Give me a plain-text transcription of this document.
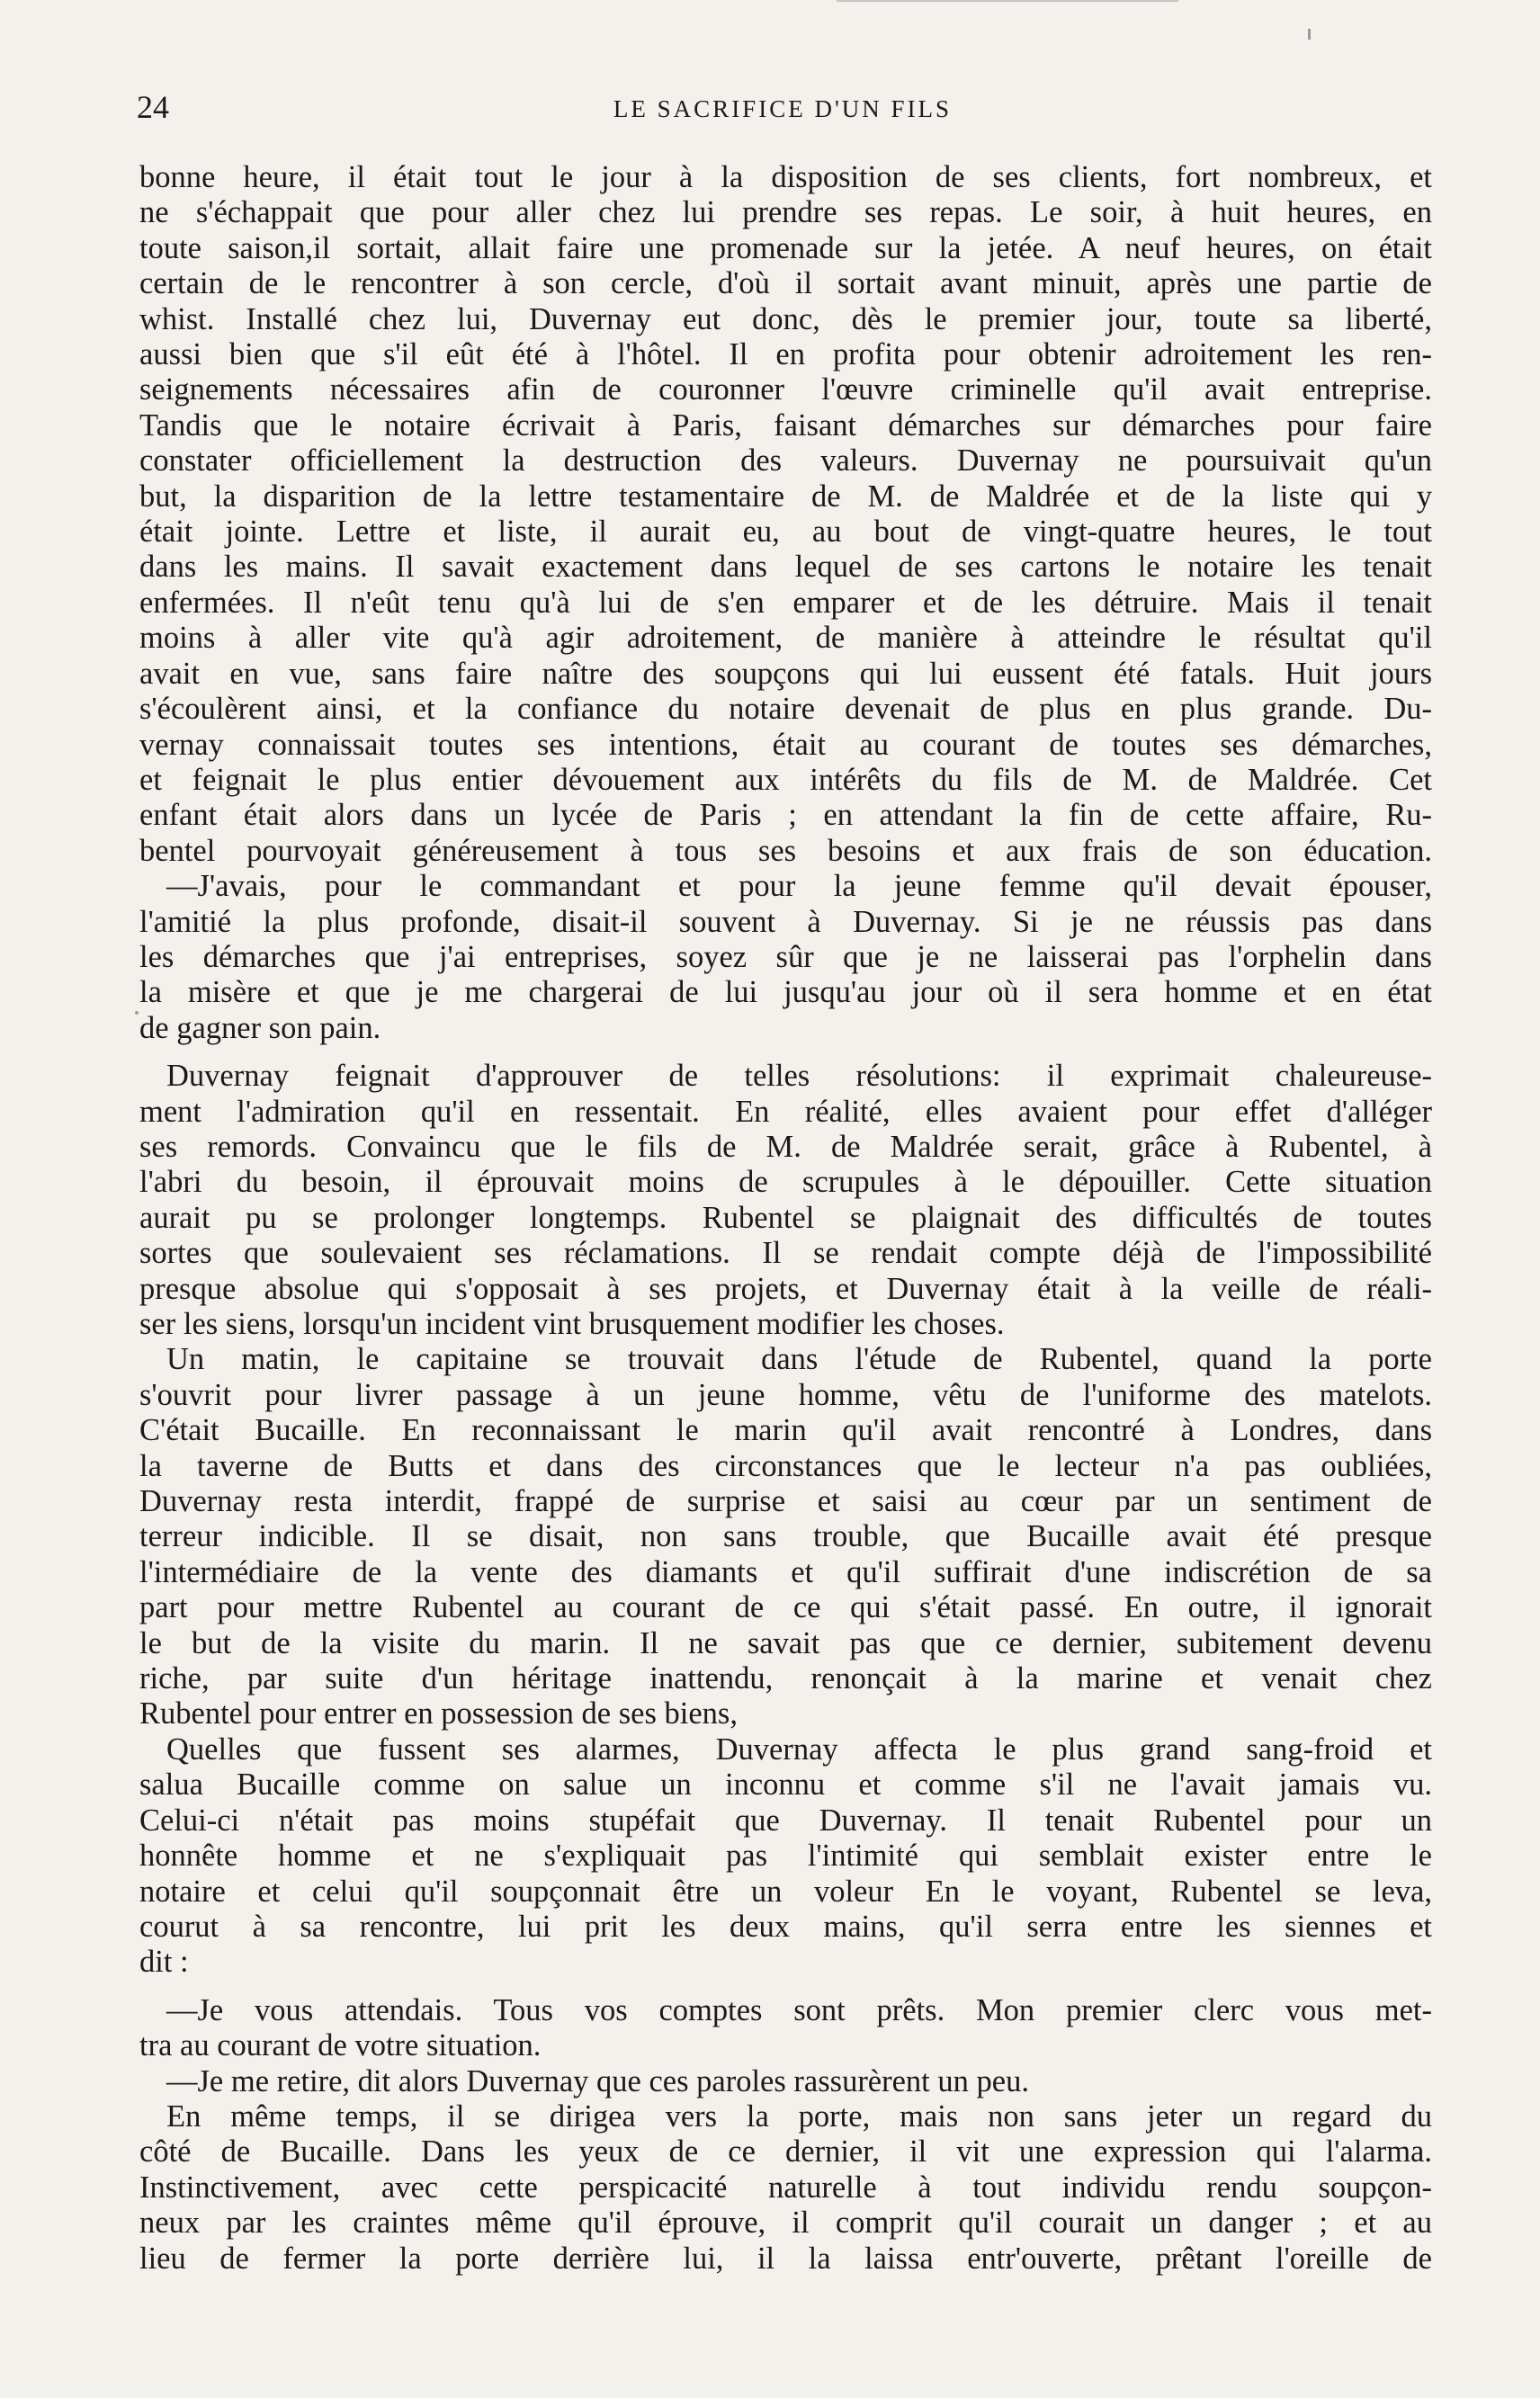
24	LE SACRIFICE D'UN FILS
bonne heure, il était tout le jour à la disposition de ses clients, fort nombreux, et
ne s'échappait que pour aller chez lui prendre ses repas. Le soir, à huit heures, en
toute saison,il sortait, allait faire une promenade sur la jetée. A neuf heures, on était
certain de le rencontrer à son cercle, d'où il sortait avant minuit, après une partie de
whist. Installé chez lui, Duvernay eut donc, dès le premier jour, toute sa liberté,
aussi bien que s'il eût été à l'hôtel. Il en profita pour obtenir adroitement les ren-
seignements nécessaires afin de couronner l'œuvre criminelle qu'il avait entreprise.
Tandis que le notaire écrivait à Paris, faisant démarches sur démarches pour faire
constater officiellement la destruction des valeurs. Duvernay ne poursuivait qu'un
but, la disparition de la lettre testamentaire de M. de Maldrée et de la liste qui y
était jointe. Lettre et liste, il aurait eu, au bout de vingt-quatre heures, le tout
dans les mains. Il savait exactement dans lequel de ses cartons le notaire les tenait
enfermées. Il n'eût tenu qu'à lui de s'en emparer et de les détruire. Mais il tenait
moins à aller vite qu'à agir adroitement, de manière à atteindre le résultat qu'il
avait en vue, sans faire naître des soupçons qui lui eussent été fatals. Huit jours
s'écoulèrent ainsi, et la confiance du notaire devenait de plus en plus grande. Du-
vernay connaissait toutes ses intentions, était au courant de toutes ses démarches,
et feignait le plus entier dévouement aux intérêts du fils de M. de Maldrée. Cet
enfant était alors dans un lycée de Paris ; en attendant la fin de cette affaire, Ru-
bentel pourvoyait généreusement à tous ses besoins et aux frais de son éducation.
—J'avais, pour le commandant et pour la jeune femme qu'il devait épouser,
l'amitié la plus profonde, disait-il souvent à Duvernay. Si je ne réussis pas dans
les démarches que j'ai entreprises, soyez sûr que je ne laisserai pas l'orphelin dans
la misère et que je me chargerai de lui jusqu'au jour où il sera homme et en état
de gagner son pain.
Duvernay feignait d'approuver de telles résolutions: il exprimait chaleureuse-
ment l'admiration qu'il en ressentait. En réalité, elles avaient pour effet d'alléger
ses remords. Convaincu que le fils de M. de Maldrée serait, grâce à Rubentel, à
l'abri du besoin, il éprouvait moins de scrupules à le dépouiller. Cette situation
aurait pu se prolonger longtemps. Rubentel se plaignait des difficultés de toutes
sortes que soulevaient ses réclamations. Il se rendait compte déjà de l'impossibilité
presque absolue qui s'opposait à ses projets, et Duvernay était à la veille de réali-
ser les siens, lorsqu'un incident vint brusquement modifier les choses.
Un matin, le capitaine se trouvait dans l'étude de Rubentel, quand la porte
s'ouvrit pour livrer passage à un jeune homme, vêtu de l'uniforme des matelots.
C'était Bucaille. En reconnaissant le marin qu'il avait rencontré à Londres, dans
la taverne de Butts et dans des circonstances que le lecteur n'a pas oubliées,
Duvernay resta interdit, frappé de surprise et saisi au cœur par un sentiment de
terreur indicible. Il se disait, non sans trouble, que Bucaille avait été presque
l'intermédiaire de la vente des diamants et qu'il suffirait d'une indiscrétion de sa
part pour mettre Rubentel au courant de ce qui s'était passé. En outre, il ignorait
le but de la visite du marin. Il ne savait pas que ce dernier, subitement devenu
riche, par suite d'un héritage inattendu, renonçait à la marine et venait chez
Rubentel pour entrer en possession de ses biens,
Quelles que fussent ses alarmes, Duvernay affecta le plus grand sang-froid et
salua Bucaille comme on salue un inconnu et comme s'il ne l'avait jamais vu.
Celui-ci n'était pas moins stupéfait que Duvernay. Il tenait Rubentel pour un
honnête homme et ne s'expliquait pas l'intimité qui semblait exister entre le
notaire et celui qu'il soupçonnait être un voleur En le voyant, Rubentel se leva,
courut à sa rencontre, lui prit les deux mains, qu'il serra entre les siennes et
dit :
—Je vous attendais. Tous vos comptes sont prêts. Mon premier clerc vous met-
tra au courant de votre situation.
—Je me retire, dit alors Duvernay que ces paroles rassurèrent un peu.
En même temps, il se dirigea vers la porte, mais non sans jeter un regard du
côté de Bucaille. Dans les yeux de ce dernier, il vit une expression qui l'alarma.
Instinctivement, avec cette perspicacité naturelle à tout individu rendu soupçon-
neux par les craintes même qu'il éprouve, il comprit qu'il courait un danger ; et au
lieu de fermer la porte derrière lui, il la laissa entr'ouverte, prêtant l'oreille de
